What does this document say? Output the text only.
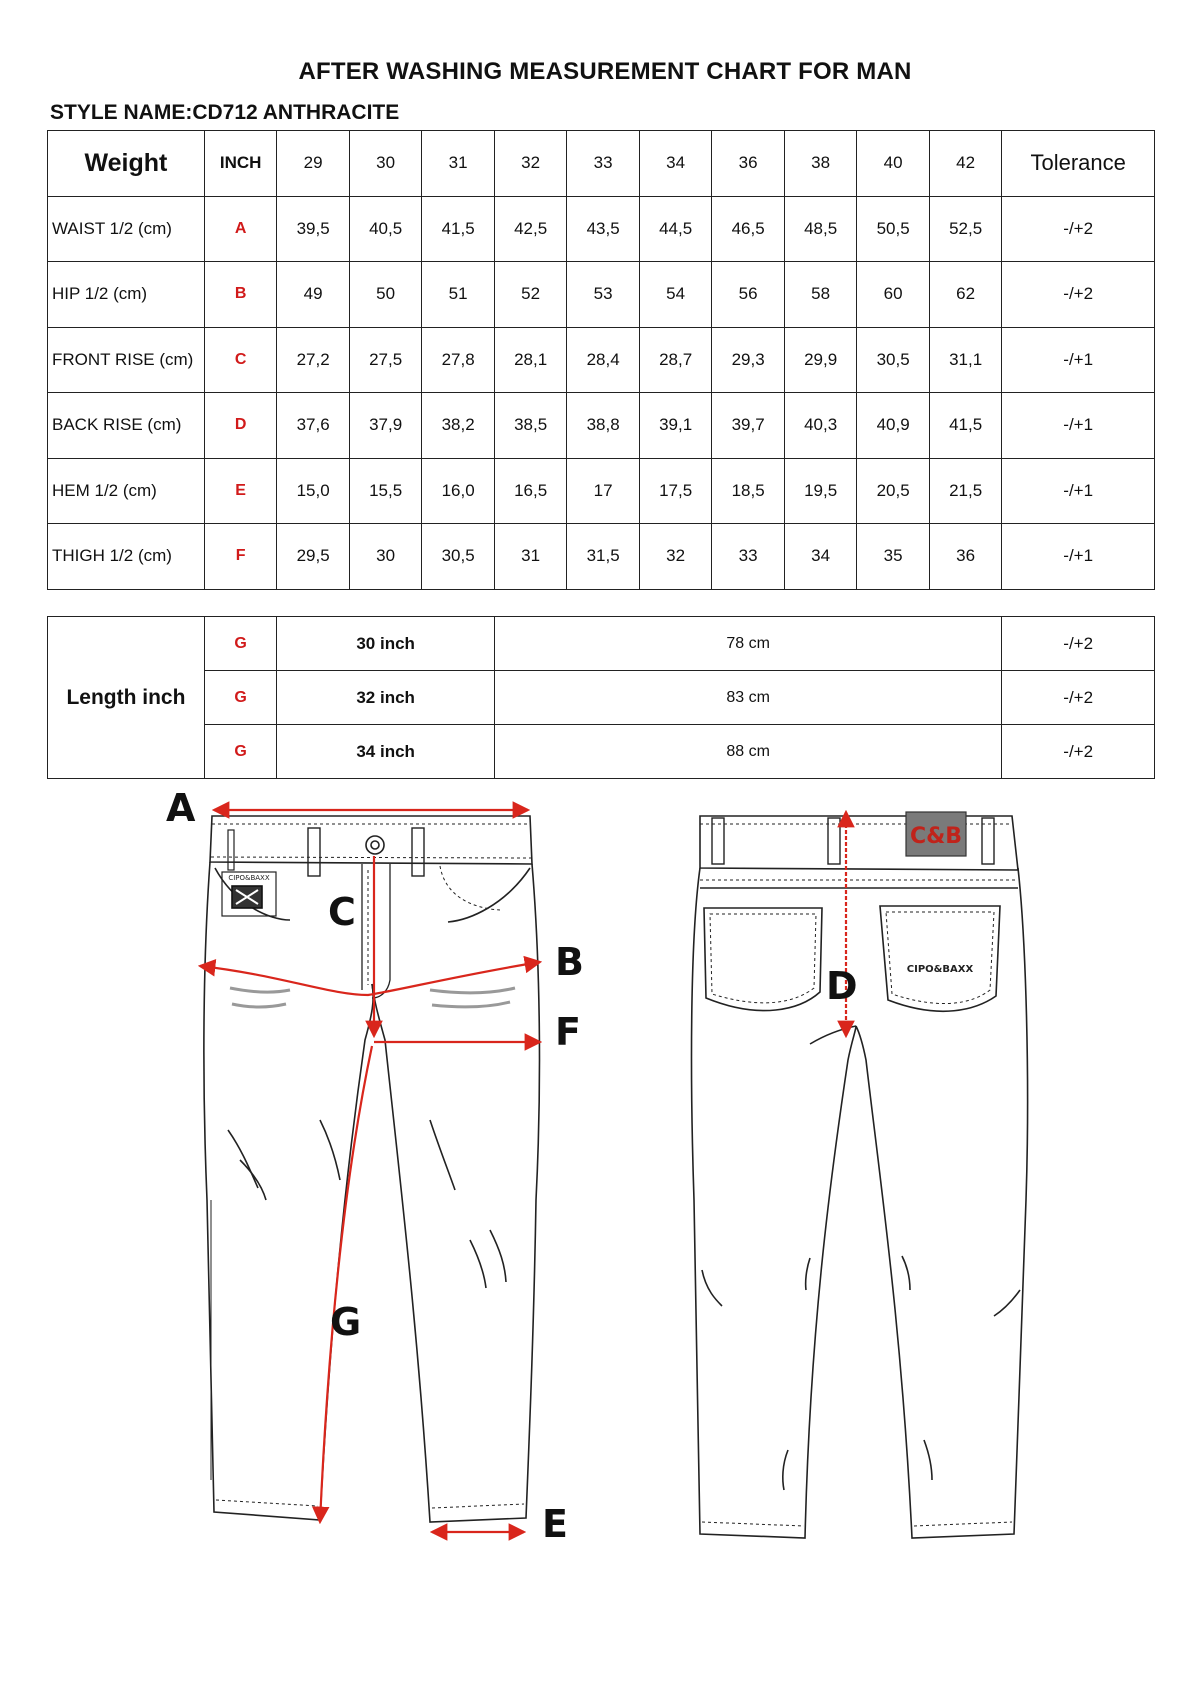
AFTER WASHING MEASUREMENT CHART FOR MAN
STYLE NAME:CD712 ANTHRACITE
Weight	INCH	29	30	31	32	33	34	36	38	40	42	Tolerance
WAIST 1/2 (cm)	A	39,5	40,5	41,5	42,5	43,5	44,5	46,5	48,5	50,5	52,5	-/+2
HIP 1/2 (cm)	B	49	50	51	52	53	54	56	58	60	62	-/+2
FRONT RISE (cm)	C	27,2	27,5	27,8	28,1	28,4	28,7	29,3	29,9	30,5	31,1	-/+1
BACK RISE (cm)	D	37,6	37,9	38,2	38,5	38,8	39,1	39,7	40,3	40,9	41,5	-/+1
HEM 1/2 (cm)	E	15,0	15,5	16,0	16,5	17	17,5	18,5	19,5	20,5	21,5	-/+1
THIGH 1/2 (cm)	F	29,5	30	30,5	31	31,5	32	33	34	35	36	-/+1
Length inch	G	30 inch	78 cm	-/+2
	G	32 inch	83 cm	-/+2
	G	34 inch	88 cm	-/+2
C&B
CIPO&BAXX
CIPO&BAXX
A
B
C
D
E
F
G
